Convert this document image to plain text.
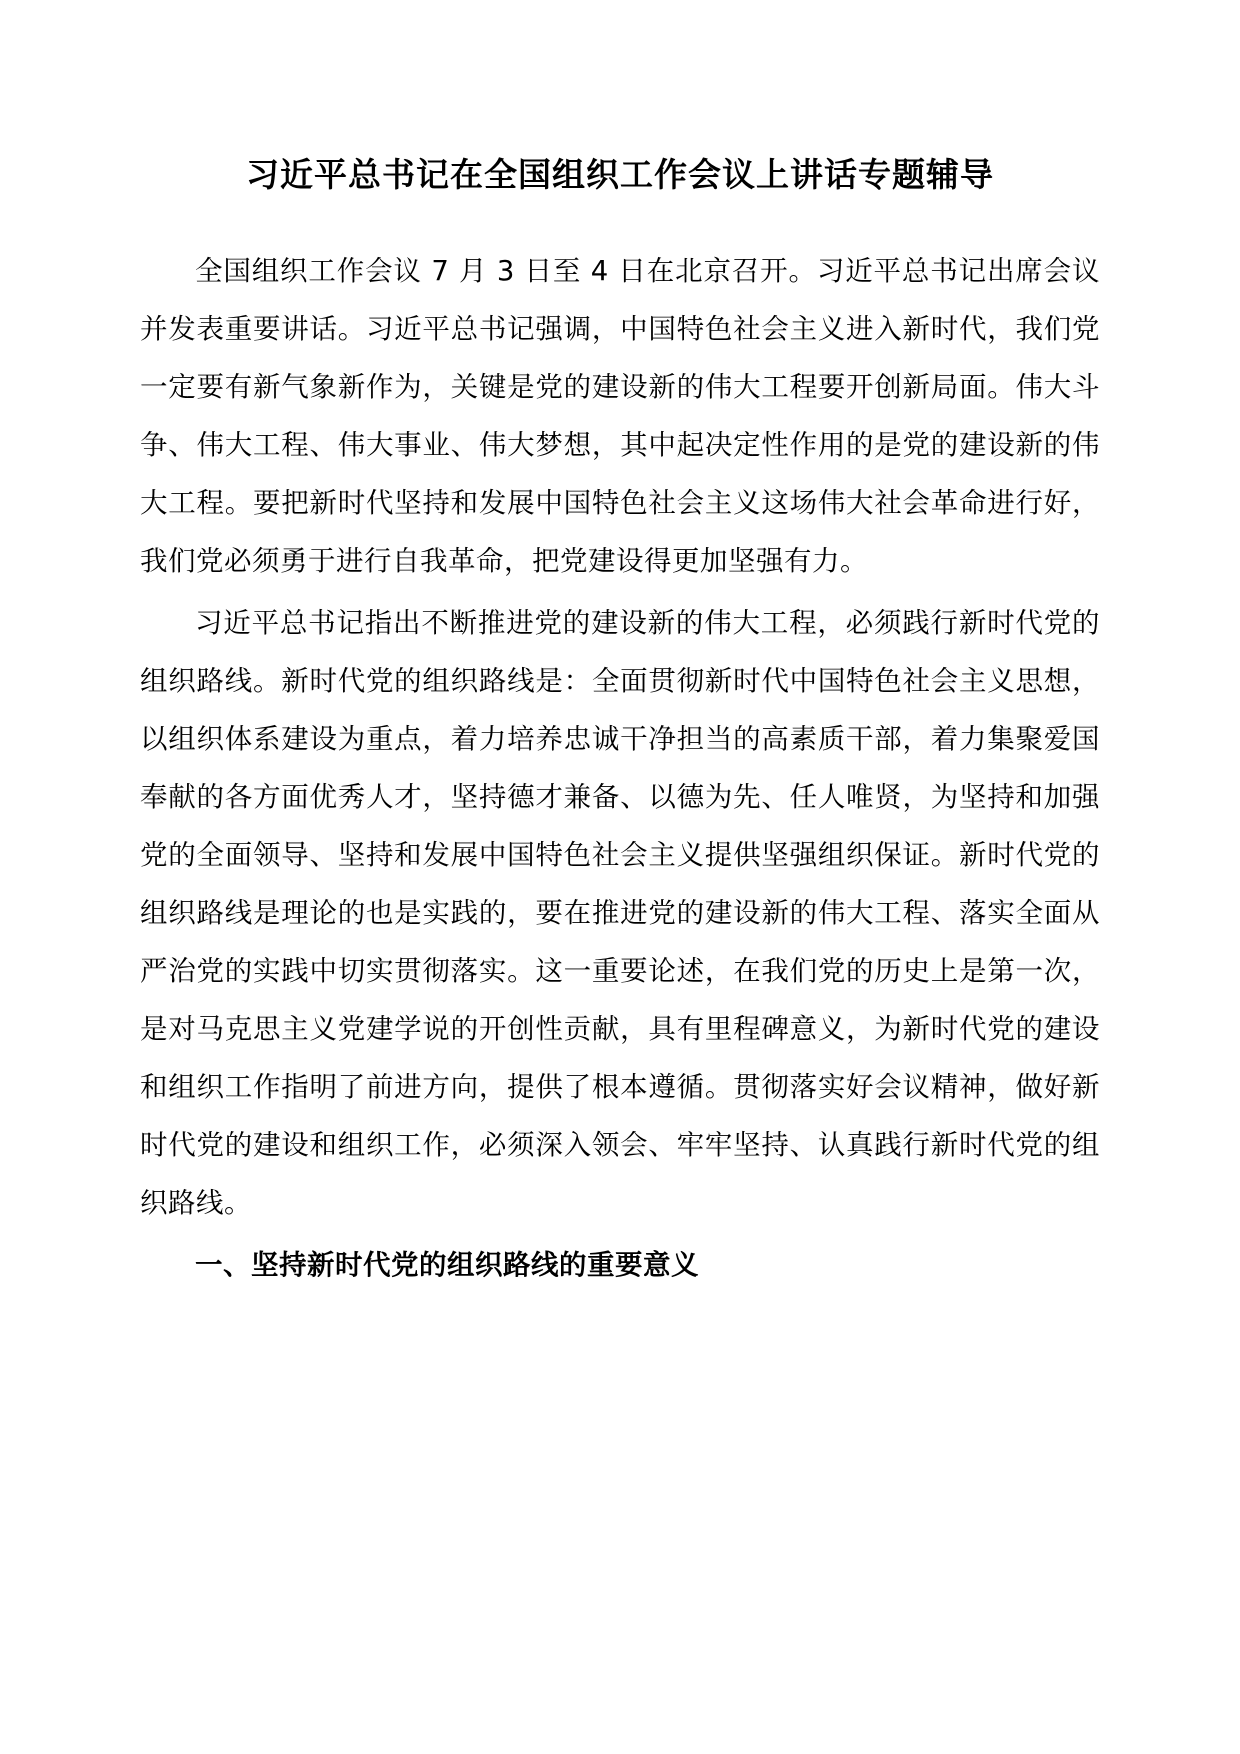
习近平总书记在全国组织工作会议上讲话专题辅导

全国组织工作会议 7 月 3 日至 4 日在北京召开。习近平总书记出席会议并发表重要讲话。习近平总书记强调，中国特色社会主义进入新时代，我们党一定要有新气象新作为，关键是党的建设新的伟大工程要开创新局面。伟大斗争、伟大工程、伟大事业、伟大梦想，其中起决定性作用的是党的建设新的伟大工程。要把新时代坚持和发展中国特色社会主义这场伟大社会革命进行好，我们党必须勇于进行自我革命，把党建设得更加坚强有力。

习近平总书记指出不断推进党的建设新的伟大工程，必须践行新时代党的组织路线。新时代党的组织路线是：全面贯彻新时代中国特色社会主义思想，以组织体系建设为重点，着力培养忠诚干净担当的高素质干部，着力集聚爱国奉献的各方面优秀人才，坚持德才兼备、以德为先、任人唯贤，为坚持和加强党的全面领导、坚持和发展中国特色社会主义提供坚强组织保证。新时代党的组织路线是理论的也是实践的，要在推进党的建设新的伟大工程、落实全面从严治党的实践中切实贯彻落实。这一重要论述，在我们党的历史上是第一次，是对马克思主义党建学说的开创性贡献，具有里程碑意义，为新时代党的建设和组织工作指明了前进方向，提供了根本遵循。贯彻落实好会议精神，做好新时代党的建设和组织工作，必须深入领会、牢牢坚持、认真践行新时代党的组织路线。

一、坚持新时代党的组织路线的重要意义
